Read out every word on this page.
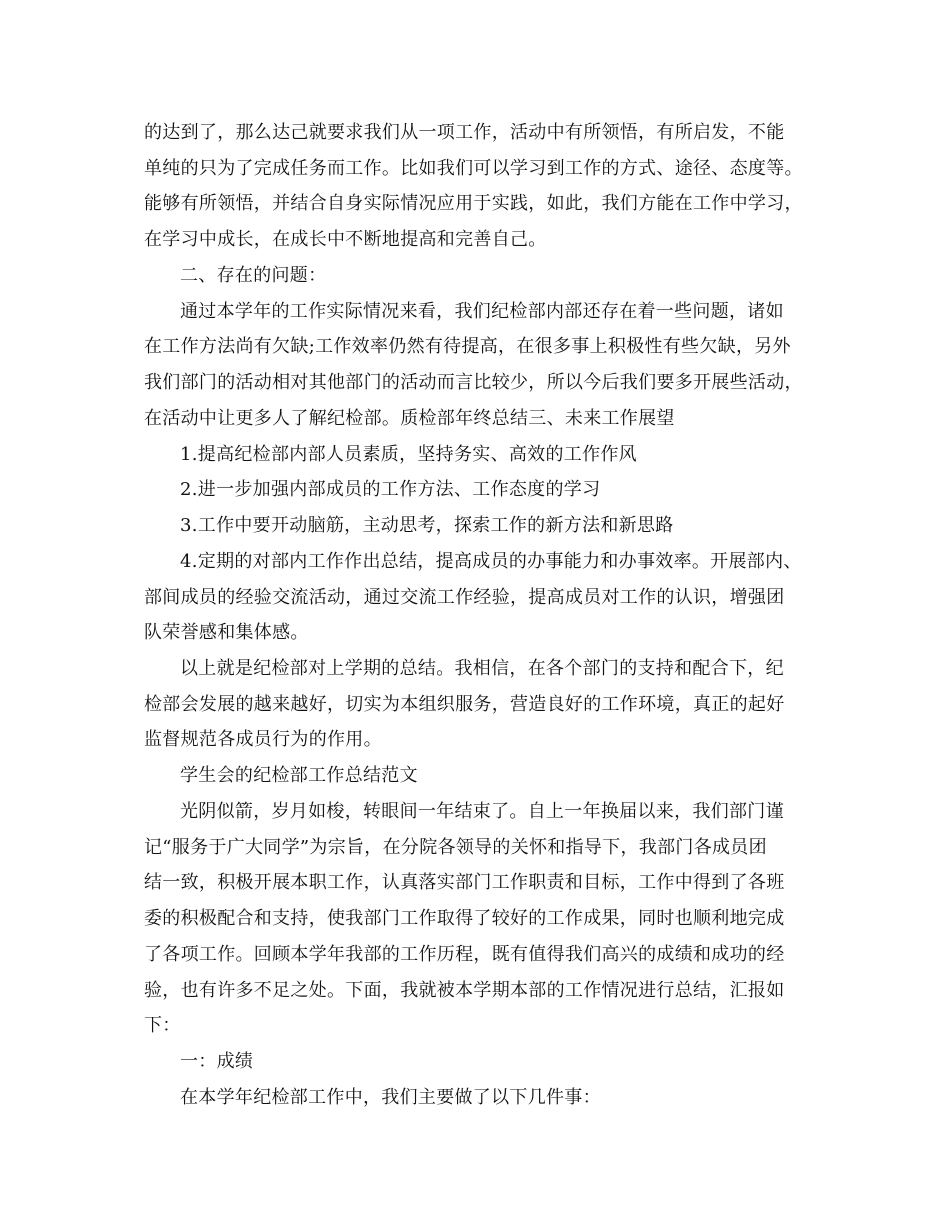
的达到了，那么达己就要求我们从一项工作，活动中有所领悟，有所启发，不能
单纯的只为了完成任务而工作。比如我们可以学习到工作的方式、途径、态度等。
能够有所领悟，并结合自身实际情况应用于实践，如此，我们方能在工作中学习，
在学习中成长，在成长中不断地提高和完善自己。
二、存在的问题：
通过本学年的工作实际情况来看，我们纪检部内部还存在着一些问题，诸如
在工作方法尚有欠缺;工作效率仍然有待提高，在很多事上积极性有些欠缺，另外
我们部门的活动相对其他部门的活动而言比较少，所以今后我们要多开展些活动，
在活动中让更多人了解纪检部。质检部年终总结三、未来工作展望
1.提高纪检部内部人员素质，坚持务实、高效的工作作风
2.进一步加强内部成员的工作方法、工作态度的学习
3.工作中要开动脑筋，主动思考，探索工作的新方法和新思路
4.定期的对部内工作作出总结，提高成员的办事能力和办事效率。开展部内、
部间成员的经验交流活动，通过交流工作经验，提高成员对工作的认识，增强团
队荣誉感和集体感。
以上就是纪检部对上学期的总结。我相信，在各个部门的支持和配合下，纪
检部会发展的越来越好，切实为本组织服务，营造良好的工作环境，真正的起好
监督规范各成员行为的作用。
学生会的纪检部工作总结范文
光阴似箭，岁月如梭，转眼间一年结束了。自上一年换届以来，我们部门谨
记“服务于广大同学”为宗旨，在分院各领导的关怀和指导下，我部门各成员团
结一致，积极开展本职工作，认真落实部门工作职责和目标，工作中得到了各班
委的积极配合和支持，使我部门工作取得了较好的工作成果，同时也顺利地完成
了各项工作。回顾本学年我部的工作历程，既有值得我们高兴的成绩和成功的经
验，也有许多不足之处。下面，我就被本学期本部的工作情况进行总结，汇报如
下：
一：成绩
在本学年纪检部工作中，我们主要做了以下几件事：
